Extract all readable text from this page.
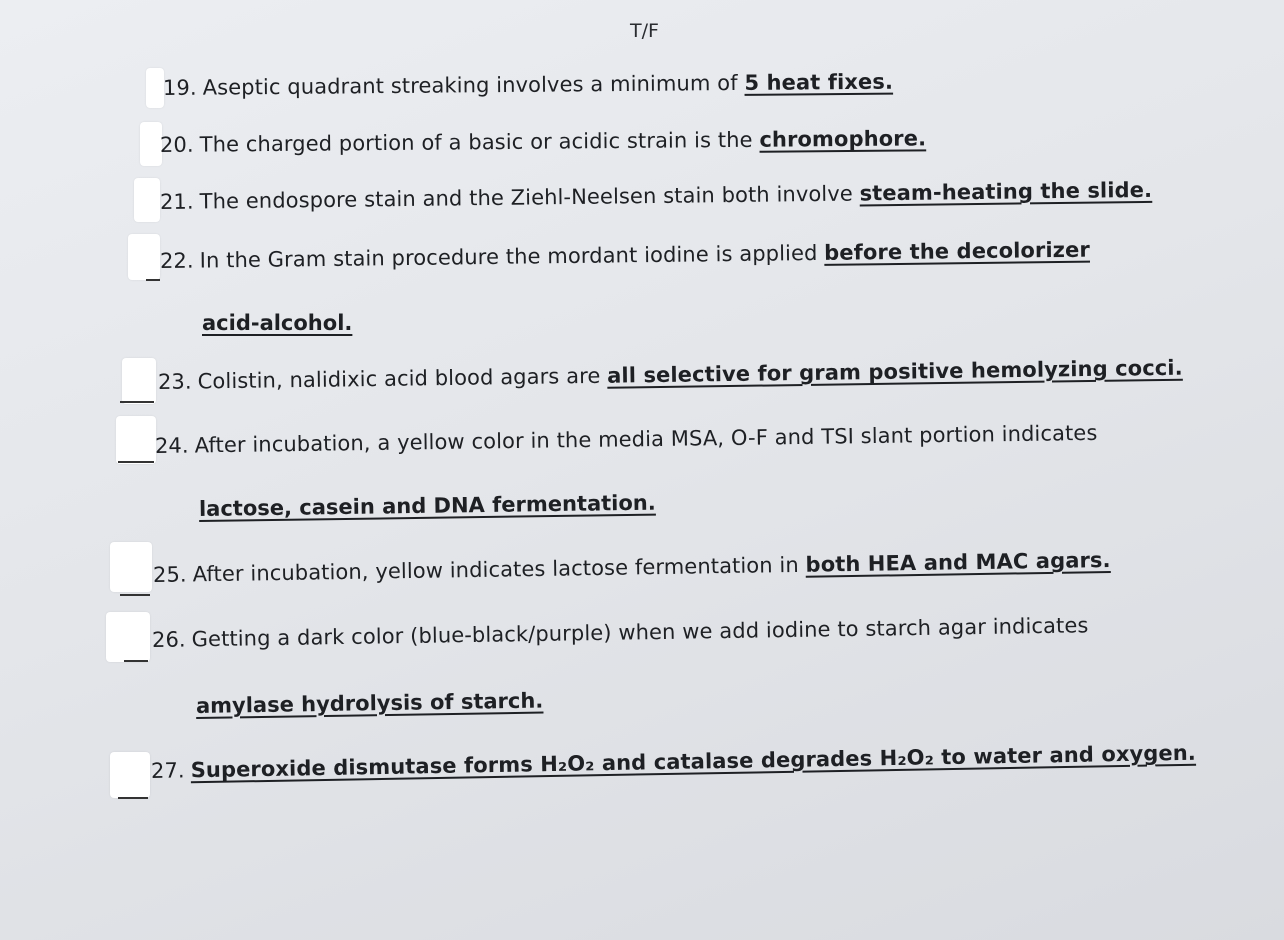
T/F
19. Aseptic quadrant streaking involves a minimum of 5 heat fixes.
20. The charged portion of a basic or acidic strain is the chromophore.
21. The endospore stain and the Ziehl-Neelsen stain both involve steam-heating the slide.
22. In the Gram stain procedure the mordant iodine is applied before the decolorizer
acid-alcohol.
23. Colistin, nalidixic acid blood agars are all selective for gram positive hemolyzing cocci.
24. After incubation, a yellow color in the media MSA, O-F and TSI slant portion indicates
lactose, casein and DNA fermentation.
25. After incubation, yellow indicates lactose fermentation in both HEA and MAC agars.
26. Getting a dark color (blue-black/purple) when we add iodine to starch agar indicates
amylase hydrolysis of starch.
27. Superoxide dismutase forms H₂O₂ and catalase degrades H₂O₂ to water and oxygen.
